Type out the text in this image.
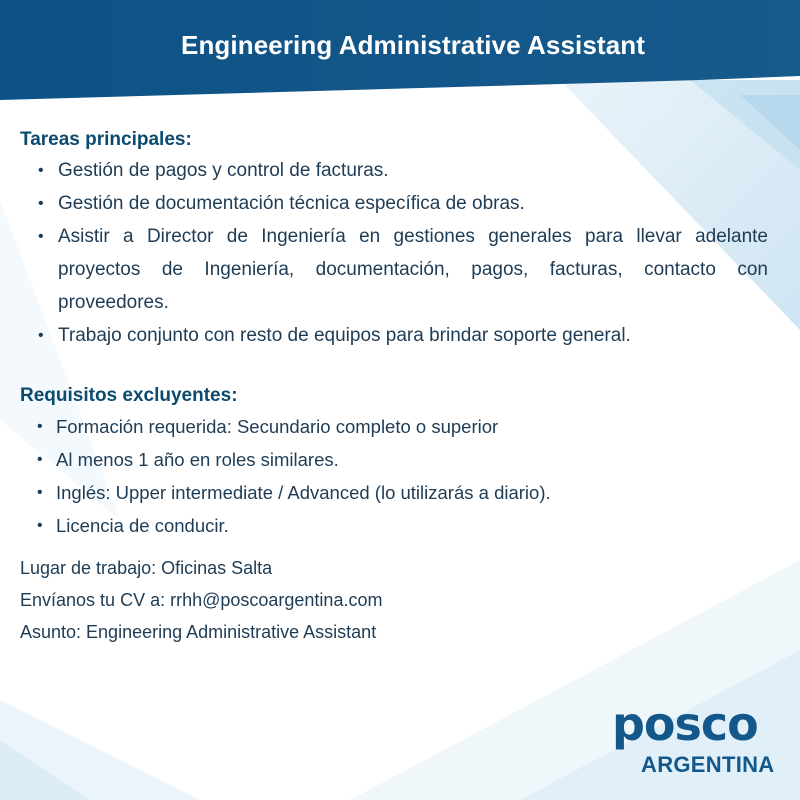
Engineering Administrative Assistant
Tareas principales:
• Gestión de pagos y control de facturas.
• Gestión de documentación técnica específica de obras.
• Asistir a Director de Ingeniería en gestiones generales para llevar adelante proyectos de Ingeniería, documentación, pagos, facturas, contacto con proveedores.
• Trabajo conjunto con resto de equipos para brindar soporte general.
Requisitos excluyentes:
• Formación requerida: Secundario completo o superior
• Al menos 1 año en roles similares.
• Inglés: Upper intermediate / Advanced (lo utilizarás a diario).
• Licencia de conducir.

Lugar de trabajo: Oficinas Salta

Envíanos tu CV a: rrhh@poscoargentina.com

Asunto: Engineering Administrative Assistant

posco
ARGENTINA
